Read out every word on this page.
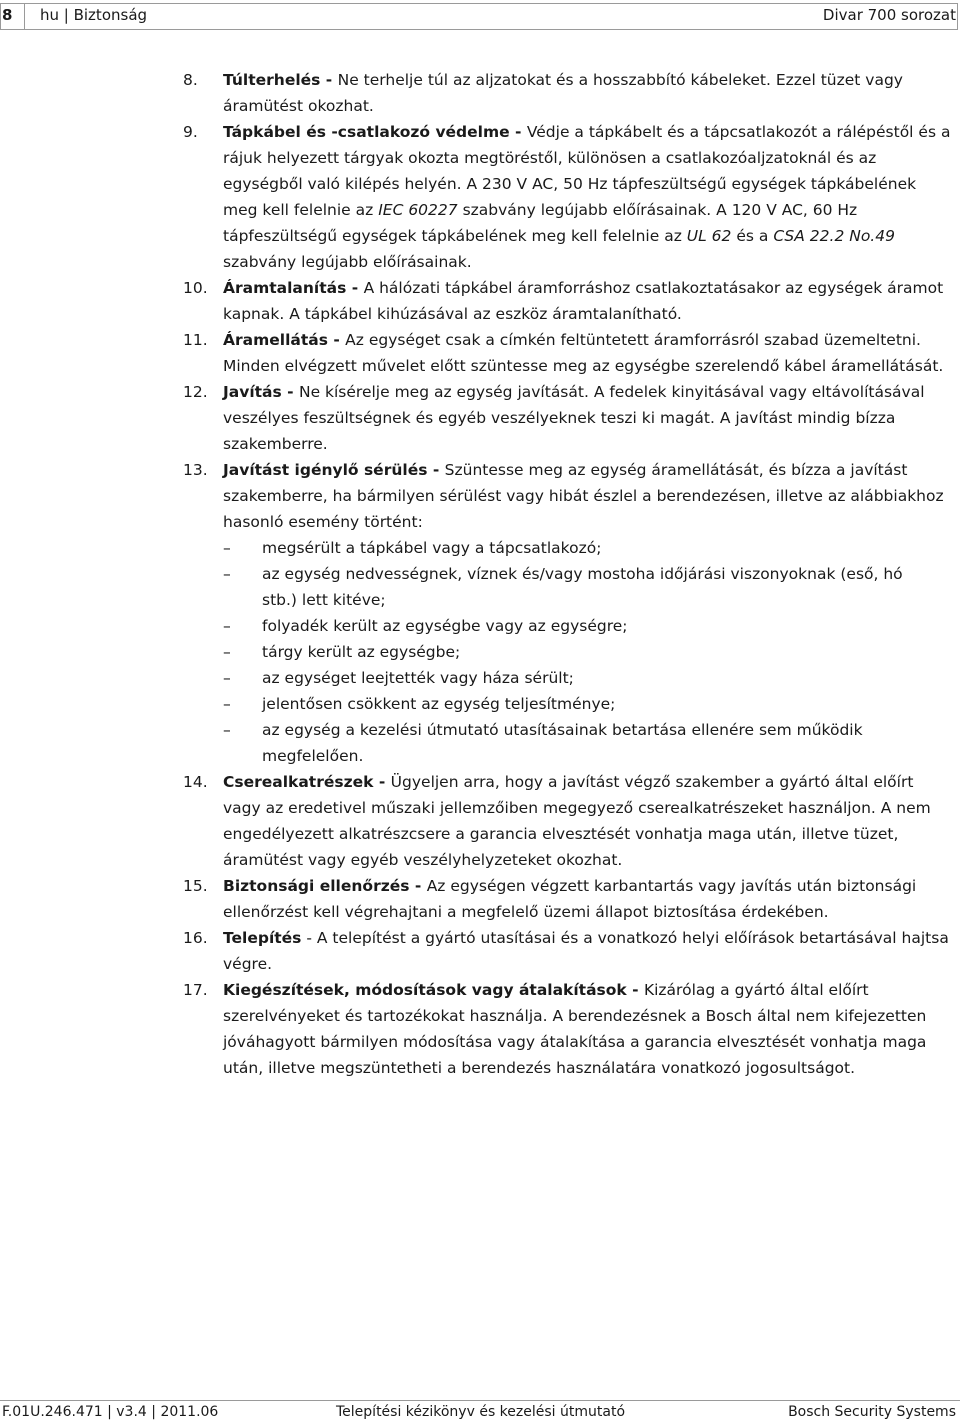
8 hu | Biztonság	Divar 700 sorozat
8. Túlterhelés - Ne terhelje túl az aljzatokat és a hosszabbító kábeleket. Ezzel tüzet vagy áramütést okozhat.
9. Tápkábel és -csatlakozó védelme - Védje a tápkábelt és a tápcsatlakozót a rálépéstől és a rájuk helyezett tárgyak okozta megtöréstől, különösen a csatlakozóaljzatoknál és az egységből való kilépés helyén. A 230 V AC, 50 Hz tápfeszültségű egységek tápkábelének meg kell felelnie az IEC 60227 szabvány legújabb előírásainak. A 120 V AC, 60 Hz tápfeszültségű egységek tápkábelének meg kell felelnie az UL 62 és a CSA 22.2 No.49 szabvány legújabb előírásainak.
10. Áramtalanítás - A hálózati tápkábel áramforráshoz csatlakoztatásakor az egységek áramot kapnak. A tápkábel kihúzásával az eszköz áramtalanítható.
11. Áramellátás - Az egységet csak a címkén feltüntetett áramforrásról szabad üzemeltetni. Minden elvégzett művelet előtt szüntesse meg az egységbe szerelendő kábel áramellátását.
12. Javítás - Ne kísérelje meg az egység javítását. A fedelek kinyitásával vagy eltávolításával veszélyes feszültségnek és egyéb veszélyeknek teszi ki magát. A javítást mindig bízza szakemberre.
13. Javítást igénylő sérülés - Szüntesse meg az egység áramellátását, és bízza a javítást szakemberre, ha bármilyen sérülést vagy hibát észlel a berendezésen, illetve az alábbiakhoz hasonló esemény történt:
– megsérült a tápkábel vagy a tápcsatlakozó;
– az egység nedvességnek, víznek és/vagy mostoha időjárási viszonyoknak (eső, hó stb.) lett kitéve;
– folyadék került az egységbe vagy az egységre;
– tárgy került az egységbe;
– az egységet leejtették vagy háza sérült;
– jelentősen csökkent az egység teljesítménye;
– az egység a kezelési útmutató utasításainak betartása ellenére sem működik megfelelően.
14. Cserealkatrészek - Ügyeljen arra, hogy a javítást végző szakember a gyártó által előírt vagy az eredetivel műszaki jellemzőiben megegyező cserealkatrészeket használjon. A nem engedélyezett alkatrészcsere a garancia elvesztését vonhatja maga után, illetve tüzet, áramütést vagy egyéb veszélyhelyzeteket okozhat.
15. Biztonsági ellenőrzés - Az egységen végzett karbantartás vagy javítás után biztonsági ellenőrzést kell végrehajtani a megfelelő üzemi állapot biztosítása érdekében.
16. Telepítés - A telepítést a gyártó utasításai és a vonatkozó helyi előírások betartásával hajtsa végre.
17. Kiegészítések, módosítások vagy átalakítások - Kizárólag a gyártó által előírt szerelvényeket és tartozékokat használja. A berendezésnek a Bosch által nem kifejezetten jóváhagyott bármilyen módosítása vagy átalakítása a garancia elvesztését vonhatja maga után, illetve megszüntetheti a berendezés használatára vonatkozó jogosultságot.
F.01U.246.471 | v3.4 | 2011.06	Telepítési kézikönyv és kezelési útmutató	Bosch Security Systems
